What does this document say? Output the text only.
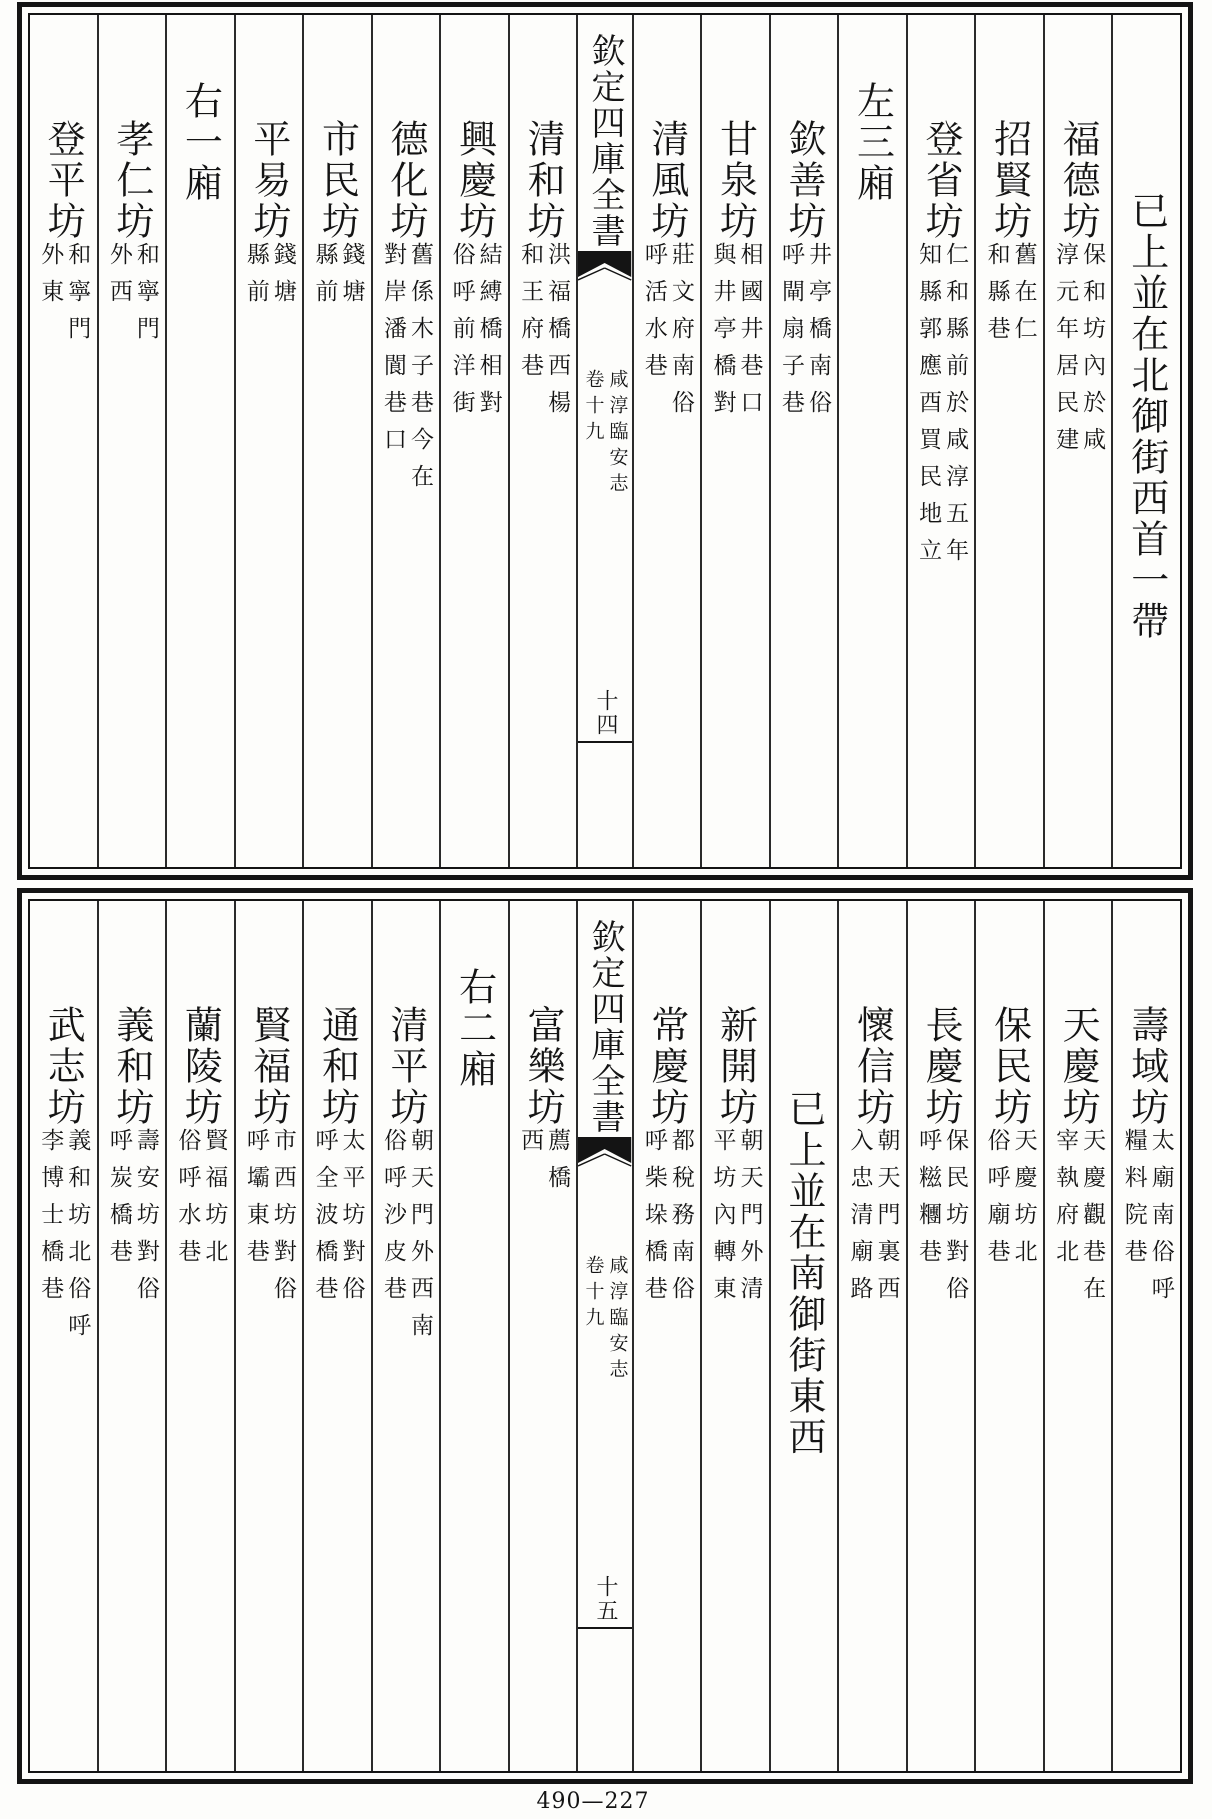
已上並在北御街西首一帶
福德坊
保和坊內於咸
淳元年居民建
招賢坊
舊在仁
和縣巷
登省坊
仁和縣前於咸淳五年
知縣郭應酉買民地立
左三廂
欽善坊
井亭橋南俗
呼閘扇子巷
甘泉坊
相國井巷口
與井亭橋對
清風坊
莊文府南俗
呼活水巷
欽定四庫全書
咸淳臨安志
卷十九
十四
清和坊
洪福橋西楊
和王府巷
興慶坊
結縛橋相對
俗呼前洋街
德化坊
舊係木子巷今在
對岸潘閬巷口
市民坊
錢塘
縣前
平易坊
錢塘
縣前
右一廂
孝仁坊
和寧門
外西
登平坊
和寧門
外東
壽域坊
太廟南俗呼
糧料院巷
天慶坊
天慶觀巷在
宰執府北
保民坊
天慶坊北
俗呼廟巷
長慶坊
保民坊對俗
呼糍糰巷
懷信坊
朝天門裏西
入忠清廟路
已上並在南御街東西
新開坊
朝天門外清
平坊內轉東
常慶坊
都稅務南俗
呼柴垛橋巷
欽定四庫全書
咸淳臨安志
卷十九
十五
富樂坊
薦橋
西
右二廂
清平坊
朝天門外西南
俗呼沙皮巷
通和坊
太平坊對俗
呼全波橋巷
賢福坊
市西坊對俗
呼壩東巷
蘭陵坊
賢福坊北
俗呼水巷
義和坊
壽安坊對俗
呼炭橋巷
武志坊
義和坊北俗呼
李博士橋巷
490—227
